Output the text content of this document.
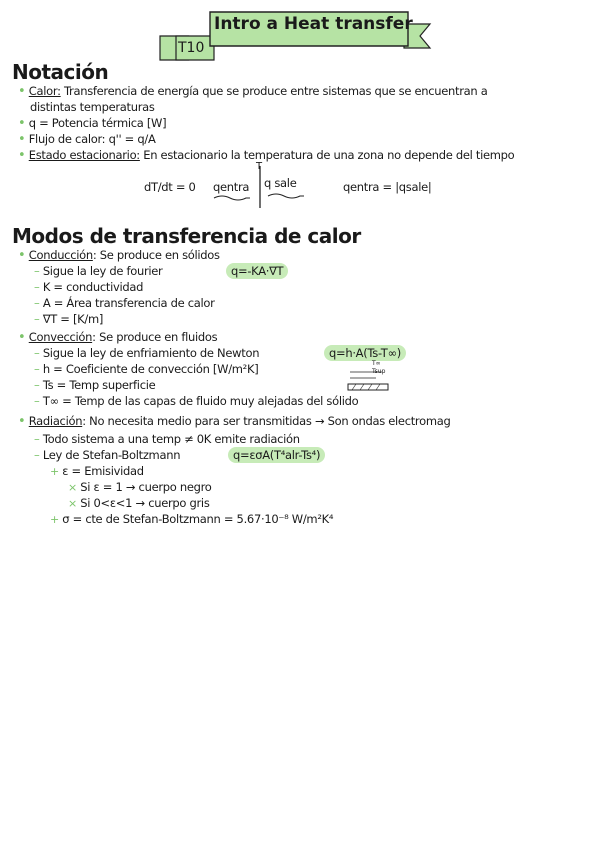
Intro a Heat transfer
T10
Notación
• Calor: Transferencia de energía que se produce entre sistemas que se encuentran a
distintas temperaturas
• q = Potencia térmica [W]
• Flujo de calor: q'' = q/A
• Estado estacionario: En estacionario la temperatura de una zona no depende del tiempo
dT/dt = 0 qentra
T
q sale	qentra = |qsale|
Modos de transferencia de calor
• Conducción: Se produce en sólidos
– Sigue la ley de fourier	q=-KA·∇T
– K = conductividad
– A = Área transferencia de calor
– ∇T = [K/m]
• Convección: Se produce en fluidos
– Sigue la ley de enfriamiento de Newton	q=h·A(Ts-T∞)
– h = Coeficiente de convección [W/m²K]
– Ts = Temp superficie
– T∞ = Temp de las capas de fluido muy alejadas del sólido
T∞
Tsup
• Radiación: No necesita medio para ser transmitidas → Son ondas electromag
– Todo sistema a una temp ≠ 0K emite radiación
– Ley de Stefan-Boltzmann	q=εσA(T⁴alr-Ts⁴)
+ ε = Emisividad
× Si ε = 1 → cuerpo negro
× Si 0<ε<1 → cuerpo gris
+ σ = cte de Stefan-Boltzmann = 5.67·10⁻⁸ W/m²K⁴
